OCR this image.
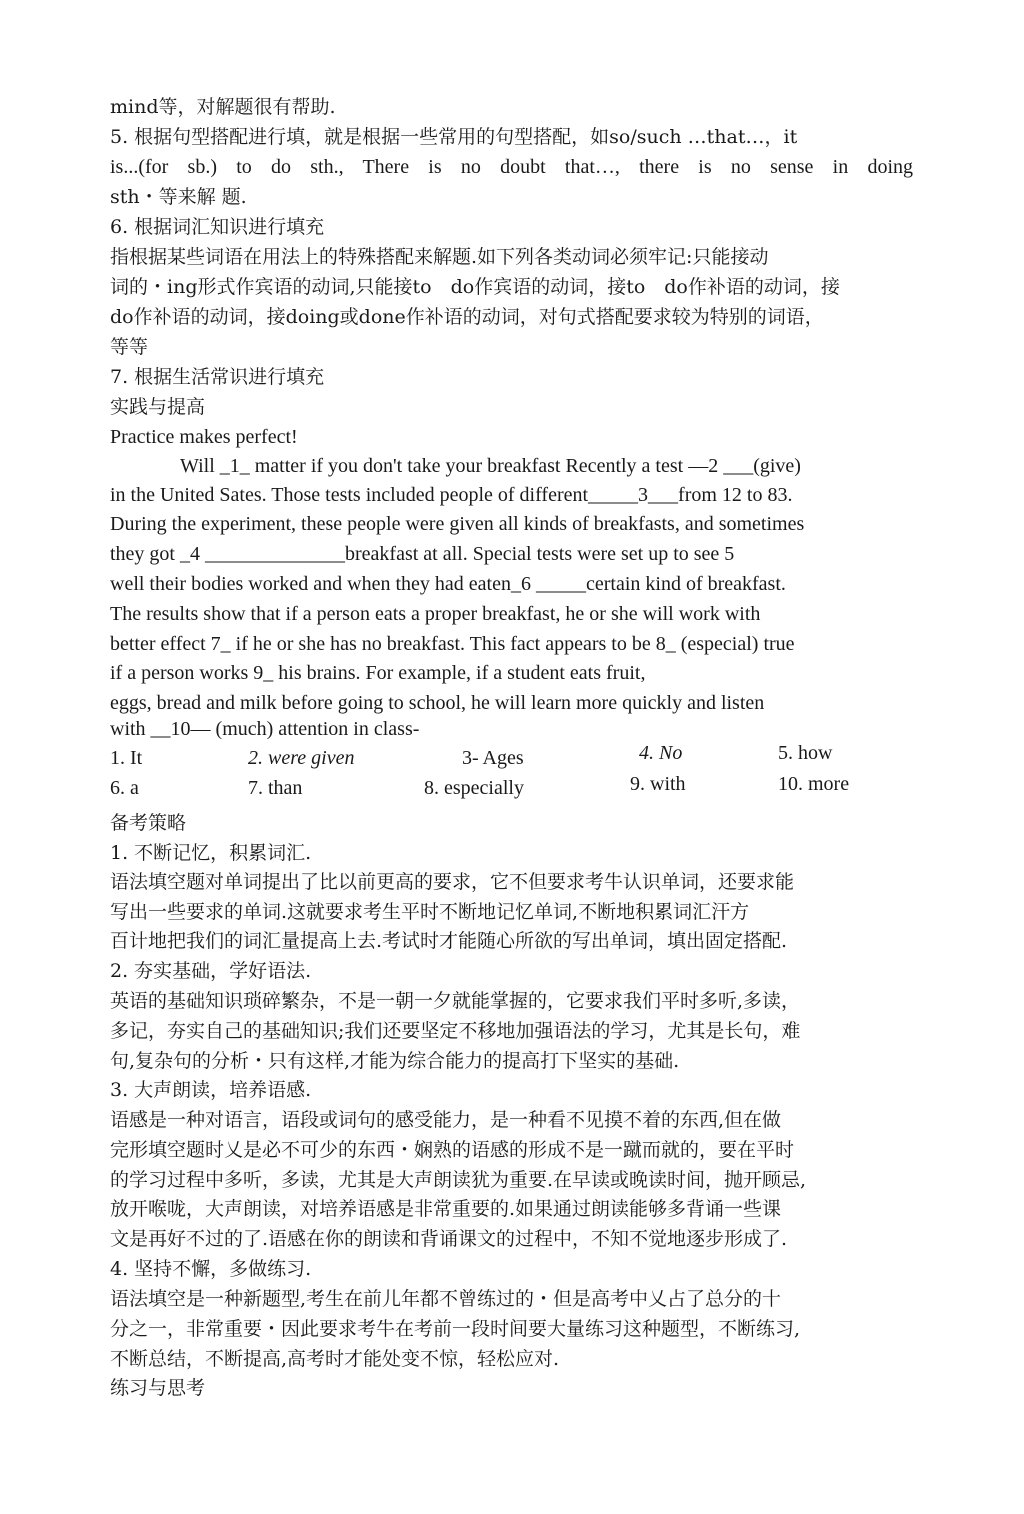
mind等，对解题很有帮助.
5. 根据句型搭配进行填，就是根据一些常用的句型搭配，如so/such …that…，it
is...(for sb.) to do sth., There is no doubt that…, there is no sense in doing
sth・等来解 题.
6. 根据词汇知识进行填充
指根据某些词语在用法上的特殊搭配来解题.如下列各类动词必须牢记:只能接动
词的・ing形式作宾语的动词,只能接to　do作宾语的动词，接to　do作补语的动词，接
do作补语的动词，接doing或done作补语的动词，对句式搭配要求较为特别的词语，
等等
7. 根据生活常识进行填充
实践与提高
Practice makes perfect!
Will _1_ matter if you don't take your breakfast Recently a test —2 ___(give)
in the United Sates. Those tests included people of different_____3___from 12 to 83.
During the experiment, these people were given all kinds of breakfasts, and sometimes
they got _4 ______________breakfast at all. Special tests were set up to see 5
well their bodies worked and when they had eaten_6 _____certain kind of breakfast.
The results show that if a person eats a proper breakfast, he or she will work with
better effect 7_ if he or she has no breakfast. This fact appears to be 8_ (especial) true
if a person works 9_ his brains. For example, if a student eats fruit,
eggs, bread and milk before going to school, he will learn more quickly and listen
with __10— (much) attention in class-
1. It	2. were given	3- Ages	4. No	5. how
6. a	7. than	8. especially	9. with	10. more
备考策略
1. 不断记忆，积累词汇.
语法填空题对单词提出了比以前更高的要求，它不但要求考牛认识单词，还要求能
写出一些要求的单词.这就要求考生平时不断地记忆单词,不断地积累词汇汗方
百计地把我们的词汇量提高上去.考试时才能随心所欲的写出单词，填出固定搭配.
2. 夯实基础，学好语法.
英语的基础知识琐碎繁杂，不是一朝一夕就能掌握的，它要求我们平时多听,多读，
多记，夯实自己的基础知识;我们还要坚定不移地加强语法的学习，尤其是长句，难
句,复杂句的分析・只有这样,才能为综合能力的提高打下坚实的基础.
3. 大声朗读，培养语感.
语感是一种对语言，语段或词句的感受能力，是一种看不见摸不着的东西,但在做
完形填空题时乂是必不可少的东西・娴熟的语感的形成不是一蹴而就的，要在平时
的学习过程中多听，多读，尤其是大声朗读犹为重要.在早读或晚读时间，抛开顾忌,
放开喉咙，大声朗读，对培养语感是非常重要的.如果通过朗读能够多背诵一些课
文是再好不过的了.语感在你的朗读和背诵课文的过程中，不知不觉地逐步形成了.
4. 坚持不懈，多做练习.
语法填空是一种新题型,考生在前儿年都不曾练过的・但是高考中乂占了总分的十
分之一，非常重要・因此要求考牛在考前一段时间要大量练习这种题型，不断练习,
不断总结，不断提高,高考时才能处变不惊，轻松应对.
练习与思考
